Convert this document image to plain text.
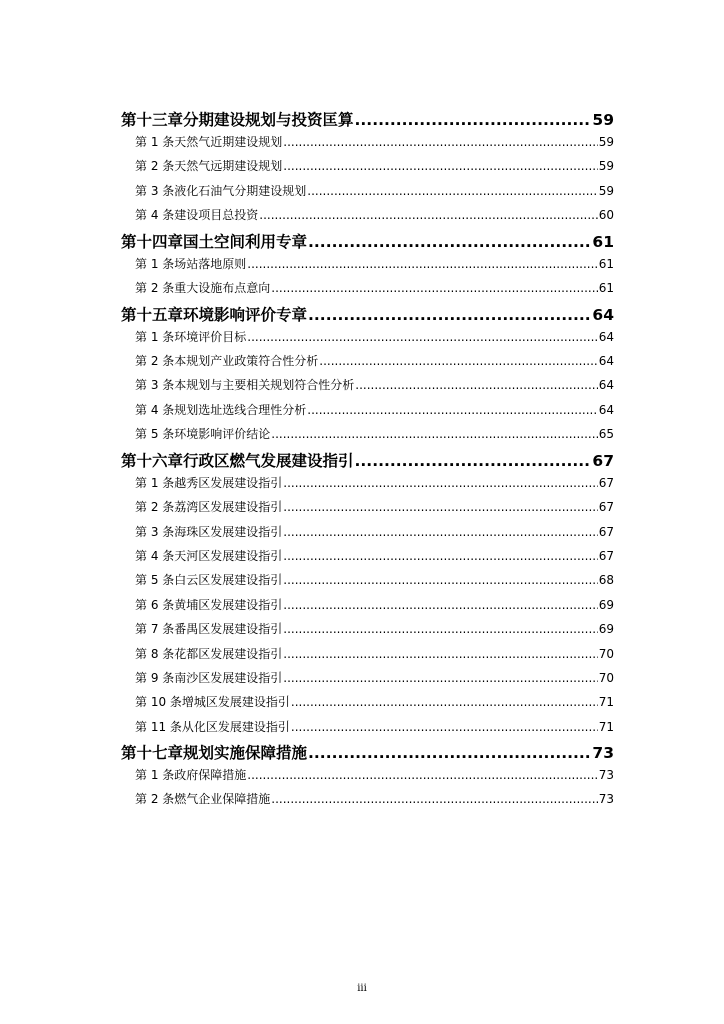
第十三章 分期建设规划与投资匡算 .....	59
第 1 条 天然气近期建设规划 .....	59
第 2 条 天然气远期建设规划 .....	59
第 3 条 液化石油气分期建设规划 .....	59
第 4 条 建设项目总投资 .....	60
第十四章 国土空间利用专章 .....	61
第 1 条 场站落地原则 .....	61
第 2 条 重大设施布点意向 .....	61
第十五章 环境影响评价专章 .....	64
第 1 条 环境评价目标 .....	64
第 2 条 本规划产业政策符合性分析 .....	64
第 3 条 本规划与主要相关规划符合性分析 .....	64
第 4 条 规划选址选线合理性分析 .....	64
第 5 条 环境影响评价结论 .....	65
第十六章 行政区燃气发展建设指引 .....	67
第 1 条 越秀区发展建设指引 .....	67
第 2 条 荔湾区发展建设指引 .....	67
第 3 条 海珠区发展建设指引 .....	67
第 4 条 天河区发展建设指引 .....	67
第 5 条 白云区发展建设指引 .....	68
第 6 条 黄埔区发展建设指引 .....	69
第 7 条 番禺区发展建设指引 .....	69
第 8 条 花都区发展建设指引 .....	70
第 9 条 南沙区发展建设指引 .....	70
第 10 条 增城区发展建设指引 .....	71
第 11 条 从化区发展建设指引 .....	71
第十七章 规划实施保障措施 .....	73
第 1 条 政府保障措施 .....	73
第 2 条 燃气企业保障措施 .....	73
iii
